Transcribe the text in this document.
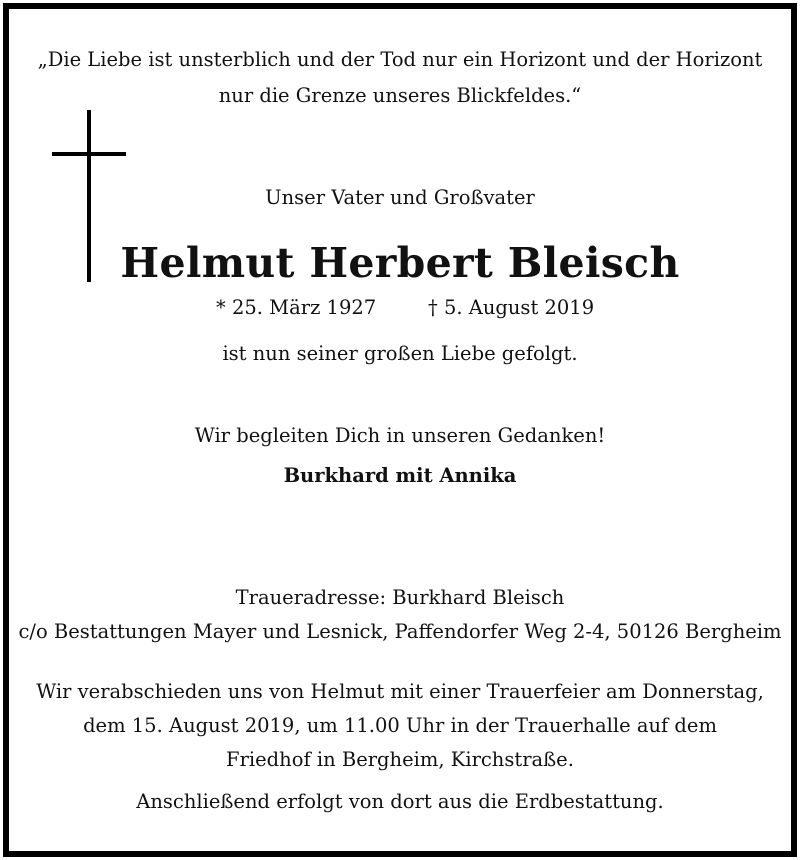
„Die Liebe ist unsterblich und der Tod nur ein Horizont und der Horizont
nur die Grenze unseres Blickfeldes.“
Unser Vater und Großvater
Helmut Herbert Bleisch
* 25. März 1927	† 5. August 2019
ist nun seiner großen Liebe gefolgt.
Wir begleiten Dich in unseren Gedanken!
Burkhard mit Annika
Traueradresse: Burkhard Bleisch
c/o Bestattungen Mayer und Lesnick, Paffendorfer Weg 2-4, 50126 Bergheim
Wir verabschieden uns von Helmut mit einer Trauerfeier am Donnerstag,
dem 15. August 2019, um 11.00 Uhr in der Trauerhalle auf dem
Friedhof in Bergheim, Kirchstraße.
Anschließend erfolgt von dort aus die Erdbestattung.
